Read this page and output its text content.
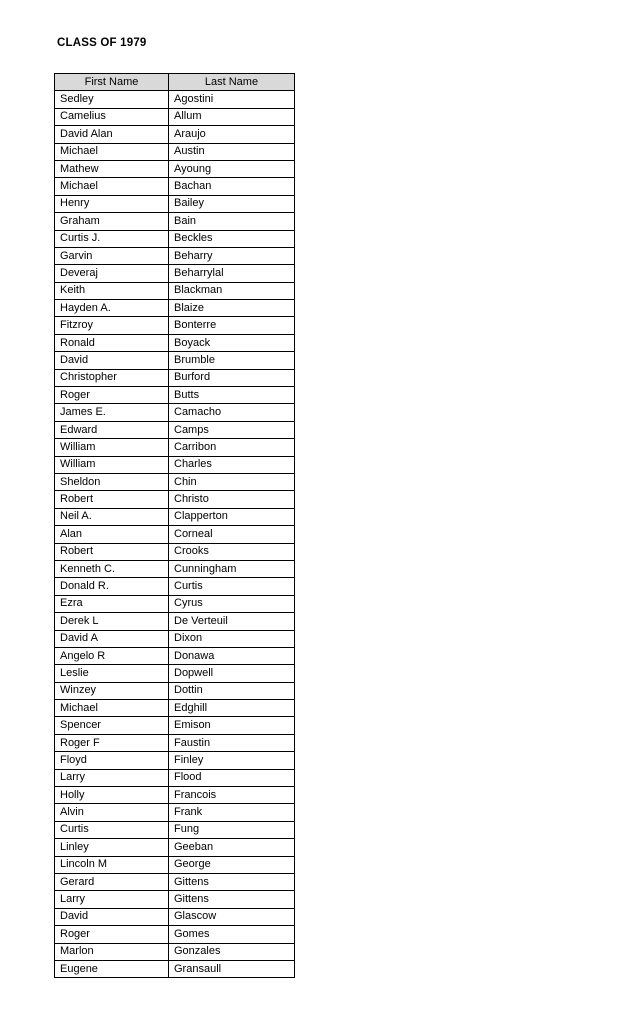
CLASS OF 1979
First Name	Last Name
Sedley	Agostini
Camelius	Allum
David Alan	Araujo
Michael	Austin
Mathew	Ayoung
Michael	Bachan
Henry	Bailey
Graham	Bain
Curtis J.	Beckles
Garvin	Beharry
Deveraj	Beharrylal
Keith	Blackman
Hayden A.	Blaize
Fitzroy	Bonterre
Ronald	Boyack
David	Brumble
Christopher	Burford
Roger	Butts
James E.	Camacho
Edward	Camps
William	Carribon
William	Charles
Sheldon	Chin
Robert	Christo
Neil A.	Clapperton
Alan	Corneal
Robert	Crooks
Kenneth C.	Cunningham
Donald R.	Curtis
Ezra	Cyrus
Derek L	De Verteuil
David A	Dixon
Angelo R	Donawa
Leslie	Dopwell
Winzey	Dottin
Michael	Edghill
Spencer	Emison
Roger F	Faustin
Floyd	Finley
Larry	Flood
Holly	Francois
Alvin	Frank
Curtis	Fung
Linley	Geeban
Lincoln M	George
Gerard	Gittens
Larry	Gittens
David	Glascow
Roger	Gomes
Marlon	Gonzales
Eugene	Gransaull
